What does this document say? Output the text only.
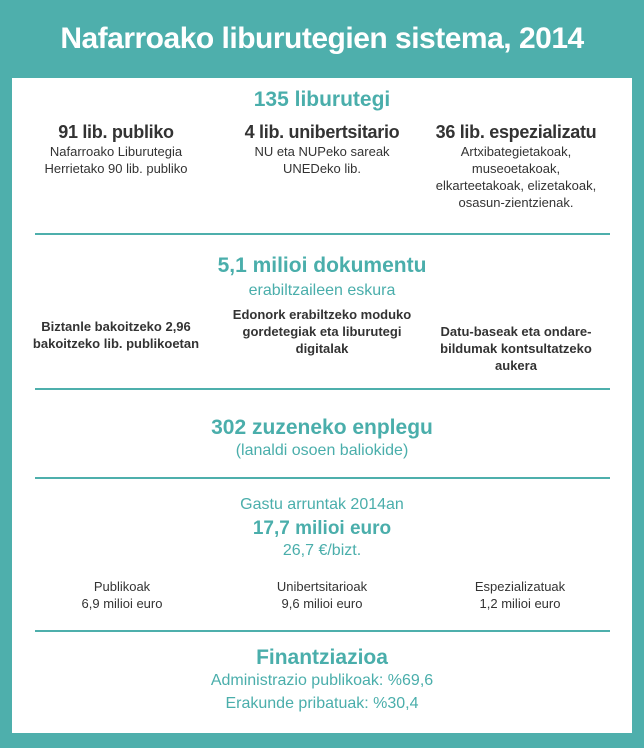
Nafarroako liburutegien sistema, 2014
135 liburutegi
91 lib. publiko
Nafarroako Liburutegia
Herrietako 90 lib. publiko
4 lib. unibertsitario
NU eta NUPeko sareak
UNEDeko lib.
36 lib. espezializatu
Artxibategietakoak,
museoetakoak,
elkarteetakoak, elizetakoak,
osasun-zientzienak.
5,1 milioi dokumentu
erabiltzaileen eskura
Biztanle bakoitzeko 2,96
bakoitzeko lib. publikoetan
Edonork erabiltzeko moduko
gordetegiak eta liburutegi
digitalak
Datu-baseak eta ondare-
bildumak kontsultatzeko
aukera
302 zuzeneko enplegu
(lanaldi osoen baliokide)
Gastu arruntak 2014an
17,7 milioi euro
26,7 €/bizt.
Publikoak
6,9 milioi euro
Unibertsitarioak
9,6 milioi euro
Espezializatuak
1,2 milioi euro
Finantziazioa
Administrazio publikoak: %69,6
Erakunde pribatuak: %30,4
